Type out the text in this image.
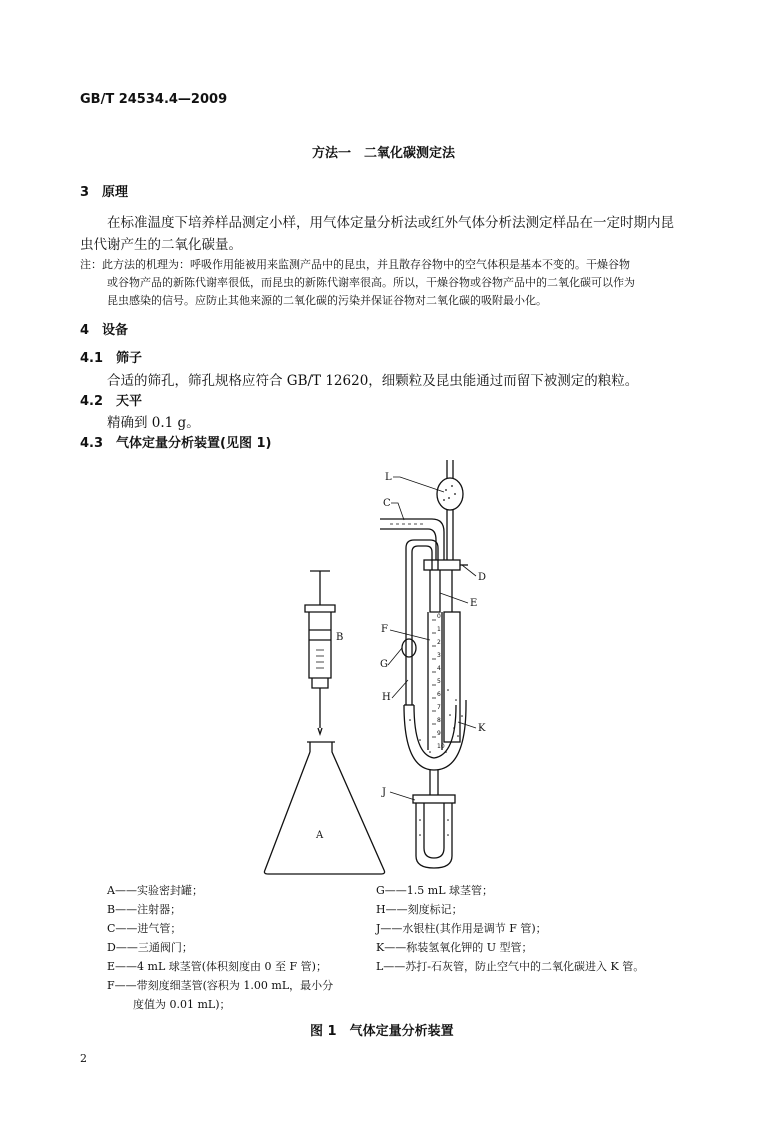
GB/T 24534.4—2009
方法一　二氧化碳测定法
3　原理
在标准温度下培养样品测定小样，用气体定量分析法或红外气体分析法测定样品在一定时期内昆
虫代谢产生的二氧化碳量。
注：此方法的机理为：呼吸作用能被用来监测产品中的昆虫，并且散存谷物中的空气体积是基本不变的。干燥谷物
或谷物产品的新陈代谢率很低，而昆虫的新陈代谢率很高。所以，干燥谷物或谷物产品中的二氧化碳可以作为
昆虫感染的信号。应防止其他来源的二氧化碳的污染并保证谷物对二氧化碳的吸附最小化。
4　设备
4.1　筛子
合适的筛孔，筛孔规格应符合 GB/T 12620，细颗粒及昆虫能通过而留下被测定的粮粒。
4.2　天平
精确到 0.1 g。
4.3　气体定量分析装置(见图 1)
L
C
D
E
F
B
G
H
K
J
A
0
1
2
3
4
5
6
7
8
9
10
A——实验密封罐；
B——注射器；
C——进气管；
D——三通阀门；
E——4 mL 球茎管(体积刻度由 0 至 F 管)；
F——带刻度细茎管(容积为 1.00 mL，最小分
度值为 0.01 mL)；
G——1.5 mL 球茎管；
H——刻度标记；
J——水银柱(其作用是调节 F 管)；
K——称装氢氧化钾的 U 型管；
L——苏打-石灰管，防止空气中的二氧化碳进入 K 管。
图 1　气体定量分析装置
2
